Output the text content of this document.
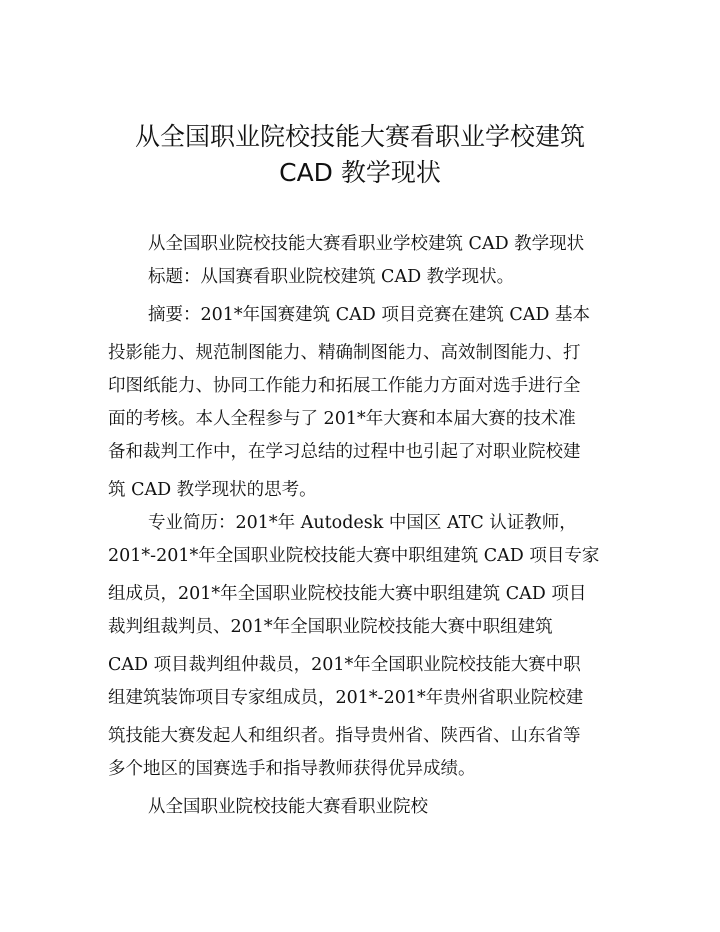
从全国职业院校技能大赛看职业学校建筑
CAD 教学现状
从全国职业院校技能大赛看职业学校建筑 CAD 教学现状
标题：从国赛看职业院校建筑 CAD 教学现状。
摘要：201*年国赛建筑 CAD 项目竞赛在建筑 CAD 基本
投影能力、规范制图能力、精确制图能力、高效制图能力、打
印图纸能力、协同工作能力和拓展工作能力方面对选手进行全
面的考核。本人全程参与了 201*年大赛和本届大赛的技术准
备和裁判工作中，在学习总结的过程中也引起了对职业院校建
筑 CAD 教学现状的思考。
专业简历：201*年 Autodesk 中国区 ATC 认证教师，
201*-201*年全国职业院校技能大赛中职组建筑 CAD 项目专家
组成员，201*年全国职业院校技能大赛中职组建筑 CAD 项目
裁判组裁判员、201*年全国职业院校技能大赛中职组建筑
CAD 项目裁判组仲裁员，201*年全国职业院校技能大赛中职
组建筑装饰项目专家组成员，201*-201*年贵州省职业院校建
筑技能大赛发起人和组织者。指导贵州省、陕西省、山东省等
多个地区的国赛选手和指导教师获得优异成绩。
从全国职业院校技能大赛看职业院校
